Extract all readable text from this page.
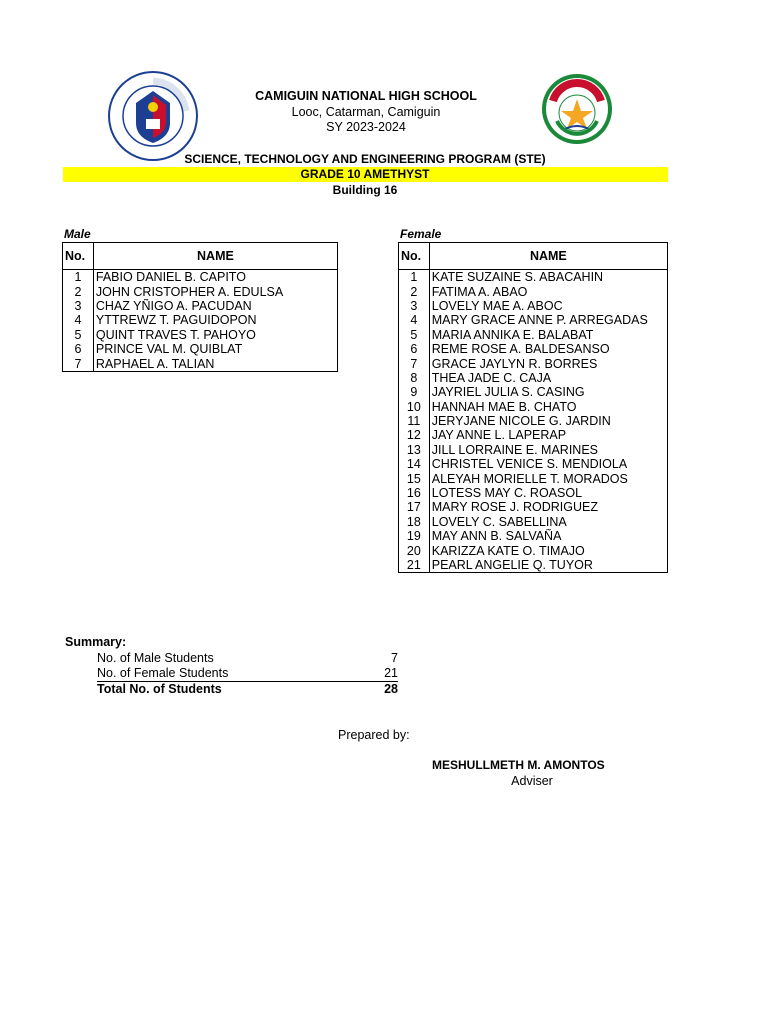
CAMIGUIN NATIONAL HIGH SCHOOL
Looc, Catarman, Camiguin
SY 2023-2024
SCIENCE, TECHNOLOGY AND ENGINEERING PROGRAM (STE)
GRADE 10 AMETHYST
Building 16
Male
No.	NAME
1	FABIO DANIEL B. CAPITO
2	JOHN CRISTOPHER A. EDULSA
3	CHAZ YÑIGO A. PACUDAN
4	YTTREWZ T. PAGUIDOPON
5	QUINT TRAVES T. PAHOYO
6	PRINCE VAL M. QUIBLAT
7	RAPHAEL A. TALIAN
Female
No.	NAME
1	KATE SUZAINE S. ABACAHIN
2	FATIMA A. ABAO
3	LOVELY MAE A. ABOC
4	MARY GRACE ANNE P. ARREGADAS
5	MARIA ANNIKA E. BALABAT
6	REME ROSE A. BALDESANSO
7	GRACE JAYLYN R. BORRES
8	THEA JADE C. CAJA
9	JAYRIEL JULIA S. CASING
10	HANNAH MAE B. CHATO
11	JERYJANE NICOLE G. JARDIN
12	JAY ANNE L. LAPERAP
13	JILL LORRAINE E. MARINES
14	CHRISTEL VENICE S. MENDIOLA
15	ALEYAH MORIELLE T. MORADOS
16	LOTESS MAY C. ROASOL
17	MARY ROSE J. RODRIGUEZ
18	LOVELY C. SABELLINA
19	MAY ANN B. SALVAÑA
20	KARIZZA KATE O. TIMAJO
21	PEARL ANGELIE Q. TUYOR
Summary:
No. of Male Students	7
No. of Female Students	21
Total No. of Students	28
Prepared by:
MESHULLMETH M. AMONTOS
Adviser
